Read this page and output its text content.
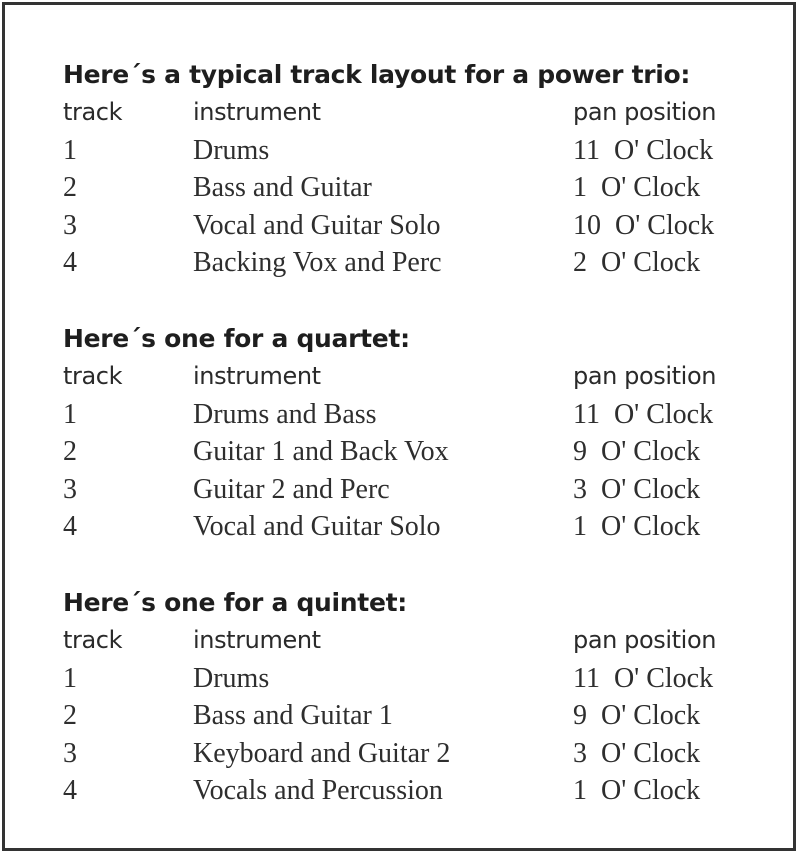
Here´s a typical track layout for a power trio:
track	instrument	pan position
1	Drums	11  O' Clock
2	Bass and Guitar	1  O' Clock
3	Vocal and Guitar Solo	10  O' Clock
4	Backing Vox and Perc	2  O' Clock
Here´s one for a quartet:
track	instrument	pan position
1	Drums and Bass	11  O' Clock
2	Guitar 1 and Back Vox	9  O' Clock
3	Guitar 2 and Perc	3  O' Clock
4	Vocal and Guitar Solo	1  O' Clock
Here´s one for a quintet:
track	instrument	pan position
1	Drums	11  O' Clock
2	Bass and Guitar 1	9  O' Clock
3	Keyboard and Guitar 2	3  O' Clock
4	Vocals and Percussion	1  O' Clock
